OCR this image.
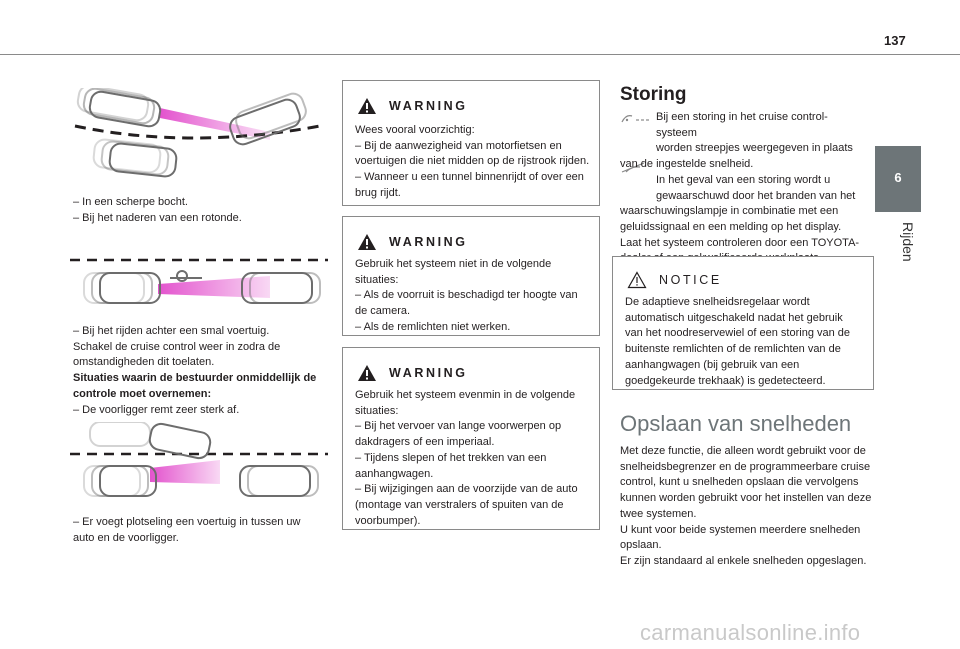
137
6
Rijden
– In een scherpe bocht.
– Bij het naderen van een rotonde.
– Bij het rijden achter een smal voertuig.
Schakel de cruise control weer in zodra de
omstandigheden dit toelaten.
Situaties waarin de bestuurder onmiddellijk de
controle moet overnemen:
– De voorligger remt zeer sterk af.
– Er voegt plotseling een voertuig in tussen uw
auto en de voorligger.
WARNING
Wees vooral voorzichtig:
– Bij de aanwezigheid van motorfietsen en
voertuigen die niet midden op de rijstrook rijden.
– Wanneer u een tunnel binnenrijdt of over een
brug rijdt.
WARNING
Gebruik het systeem niet in de volgende
situaties:
– Als de voorruit is beschadigd ter hoogte van
de camera.
– Als de remlichten niet werken.
WARNING
Gebruik het systeem evenmin in de volgende
situaties:
– Bij het vervoer van lange voorwerpen op
dakdragers of een imperiaal.
– Tijdens slepen of het trekken van een
aanhangwagen.
– Bij wijzigingen aan de voorzijde van de auto
(montage van verstralers of spuiten van de
voorbumper).
Storing
Bij een storing in het cruise control-systeem
worden streepjes weergegeven in plaats
van de ingestelde snelheid.
In het geval van een storing wordt u
gewaarschuwd door het branden van het
waarschuwingslampje in combinatie met een
geluidssignaal en een melding op het display.
Laat het systeem controleren door een TOYOTA-
NOTICE
De adaptieve snelheidsregelaar wordt
automatisch uitgeschakeld nadat het gebruik
van het noodreservewiel of een storing van de
buitenste remlichten of de remlichten van de
aanhangwagen (bij gebruik van een
goedgekeurde trekhaak) is gedetecteerd.
Opslaan van snelheden
Met deze functie, die alleen wordt gebruikt voor de
snelheidsbegrenzer en de programmeerbare cruise
control, kunt u snelheden opslaan die vervolgens
kunnen worden gebruikt voor het instellen van deze
twee systemen.
U kunt voor beide systemen meerdere snelheden
opslaan.
Er zijn standaard al enkele snelheden opgeslagen.
carmanualsonline.info
